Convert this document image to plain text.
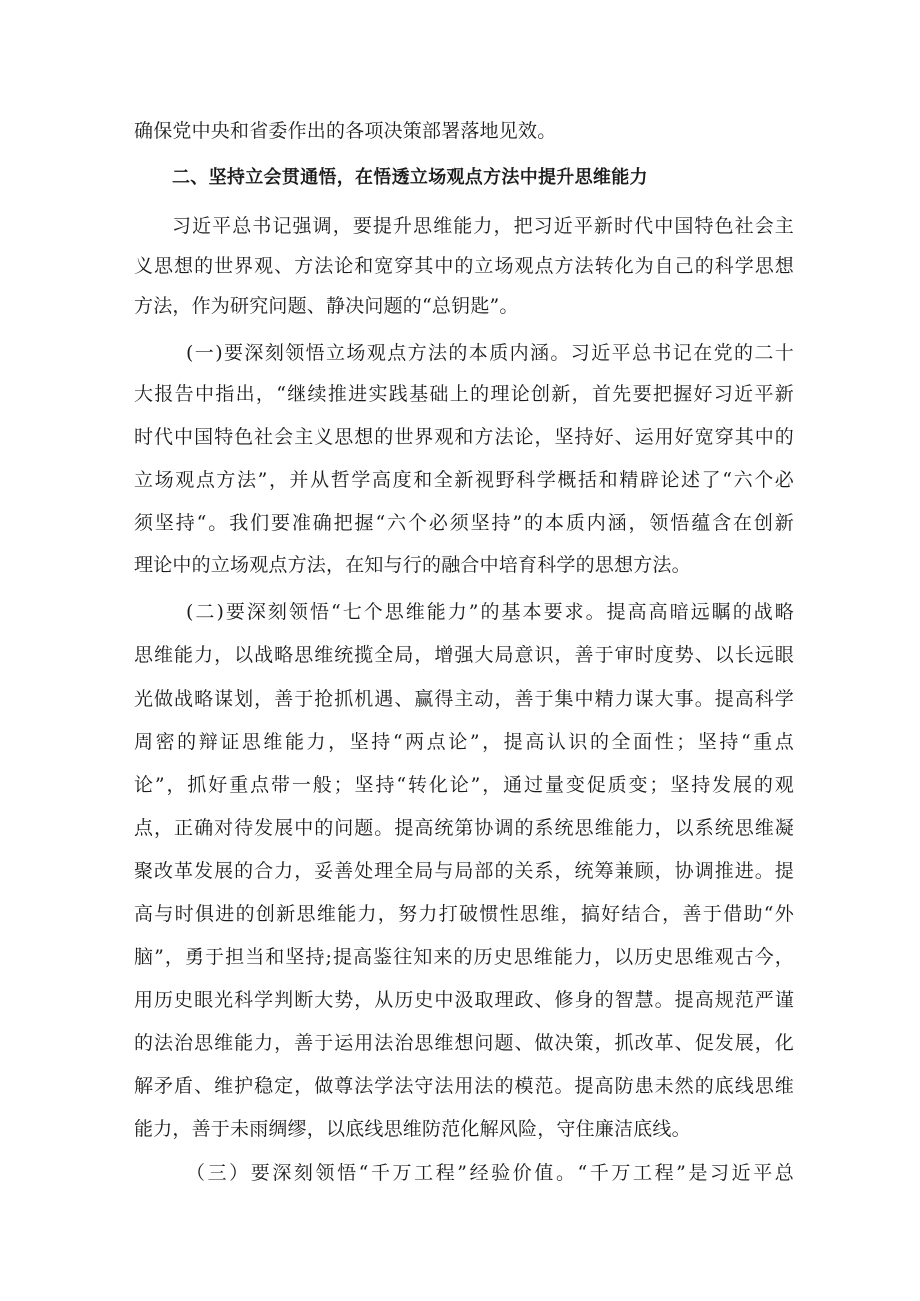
确保党中央和省委作出的各项决策部署落地见效。
二、坚持立会贯通悟，在悟透立场观点方法中提升思维能力
习近平总书记强调，要提升思维能力，把习近平新时代中国特色社会主
义思想的世界观、方法论和宽穿其中的立场观点方法转化为自己的科学思想
方法，作为研究问题、静决问题的“总钥匙”。
(一)要深刻领悟立场观点方法的本质内涵。习近平总书记在党的二十
大报告中指出，“继续推进实践基础上的理论创新，首先要把握好习近平新
时代中国特色社会主义思想的世界观和方法论，坚持好、运用好宽穿其中的
立场观点方法”，并从哲学高度和全新视野科学概括和精辟论述了“六个必
须坚持“。我们要准确把握“六个必须坚持”的本质内涵，领悟蕴含在创新
理论中的立场观点方法，在知与行的融合中培育科学的思想方法。
(二)要深刻领悟“七个思维能力”的基本要求。提高高暗远瞩的战略
思维能力，以战略思维统揽全局，增强大局意识，善于审时度势、以长远眼
光做战略谋划，善于抢抓机遇、赢得主动，善于集中精力谋大事。提高科学
周密的辩证思维能力，坚持“两点论”，提高认识的全面性；坚持“重点
论”，抓好重点带一般；坚持“转化论”，通过量变促质变；坚持发展的观
点，正确对待发展中的问题。提高统第协调的系统思维能力，以系统思维凝
聚改革发展的合力，妥善处理全局与局部的关系，统筹兼顾，协调推进。提
高与时俱进的创新思维能力，努力打破惯性思维，搞好结合，善于借助“外
脑”，勇于担当和坚持;提高鉴往知来的历史思维能力，以历史思维观古今，
用历史眼光科学判断大势，从历史中汲取理政、修身的智慧。提高规范严谨
的法治思维能力，善于运用法治思维想问题、做决策，抓改革、促发展，化
解矛盾、维护稳定，做尊法学法守法用法的模范。提高防患未然的底线思维
能力，善于未雨绸缪，以底线思维防范化解风险，守住廉洁底线。
（三）要深刻领悟“千万工程”经验价值。“千万工程”是习近平总
